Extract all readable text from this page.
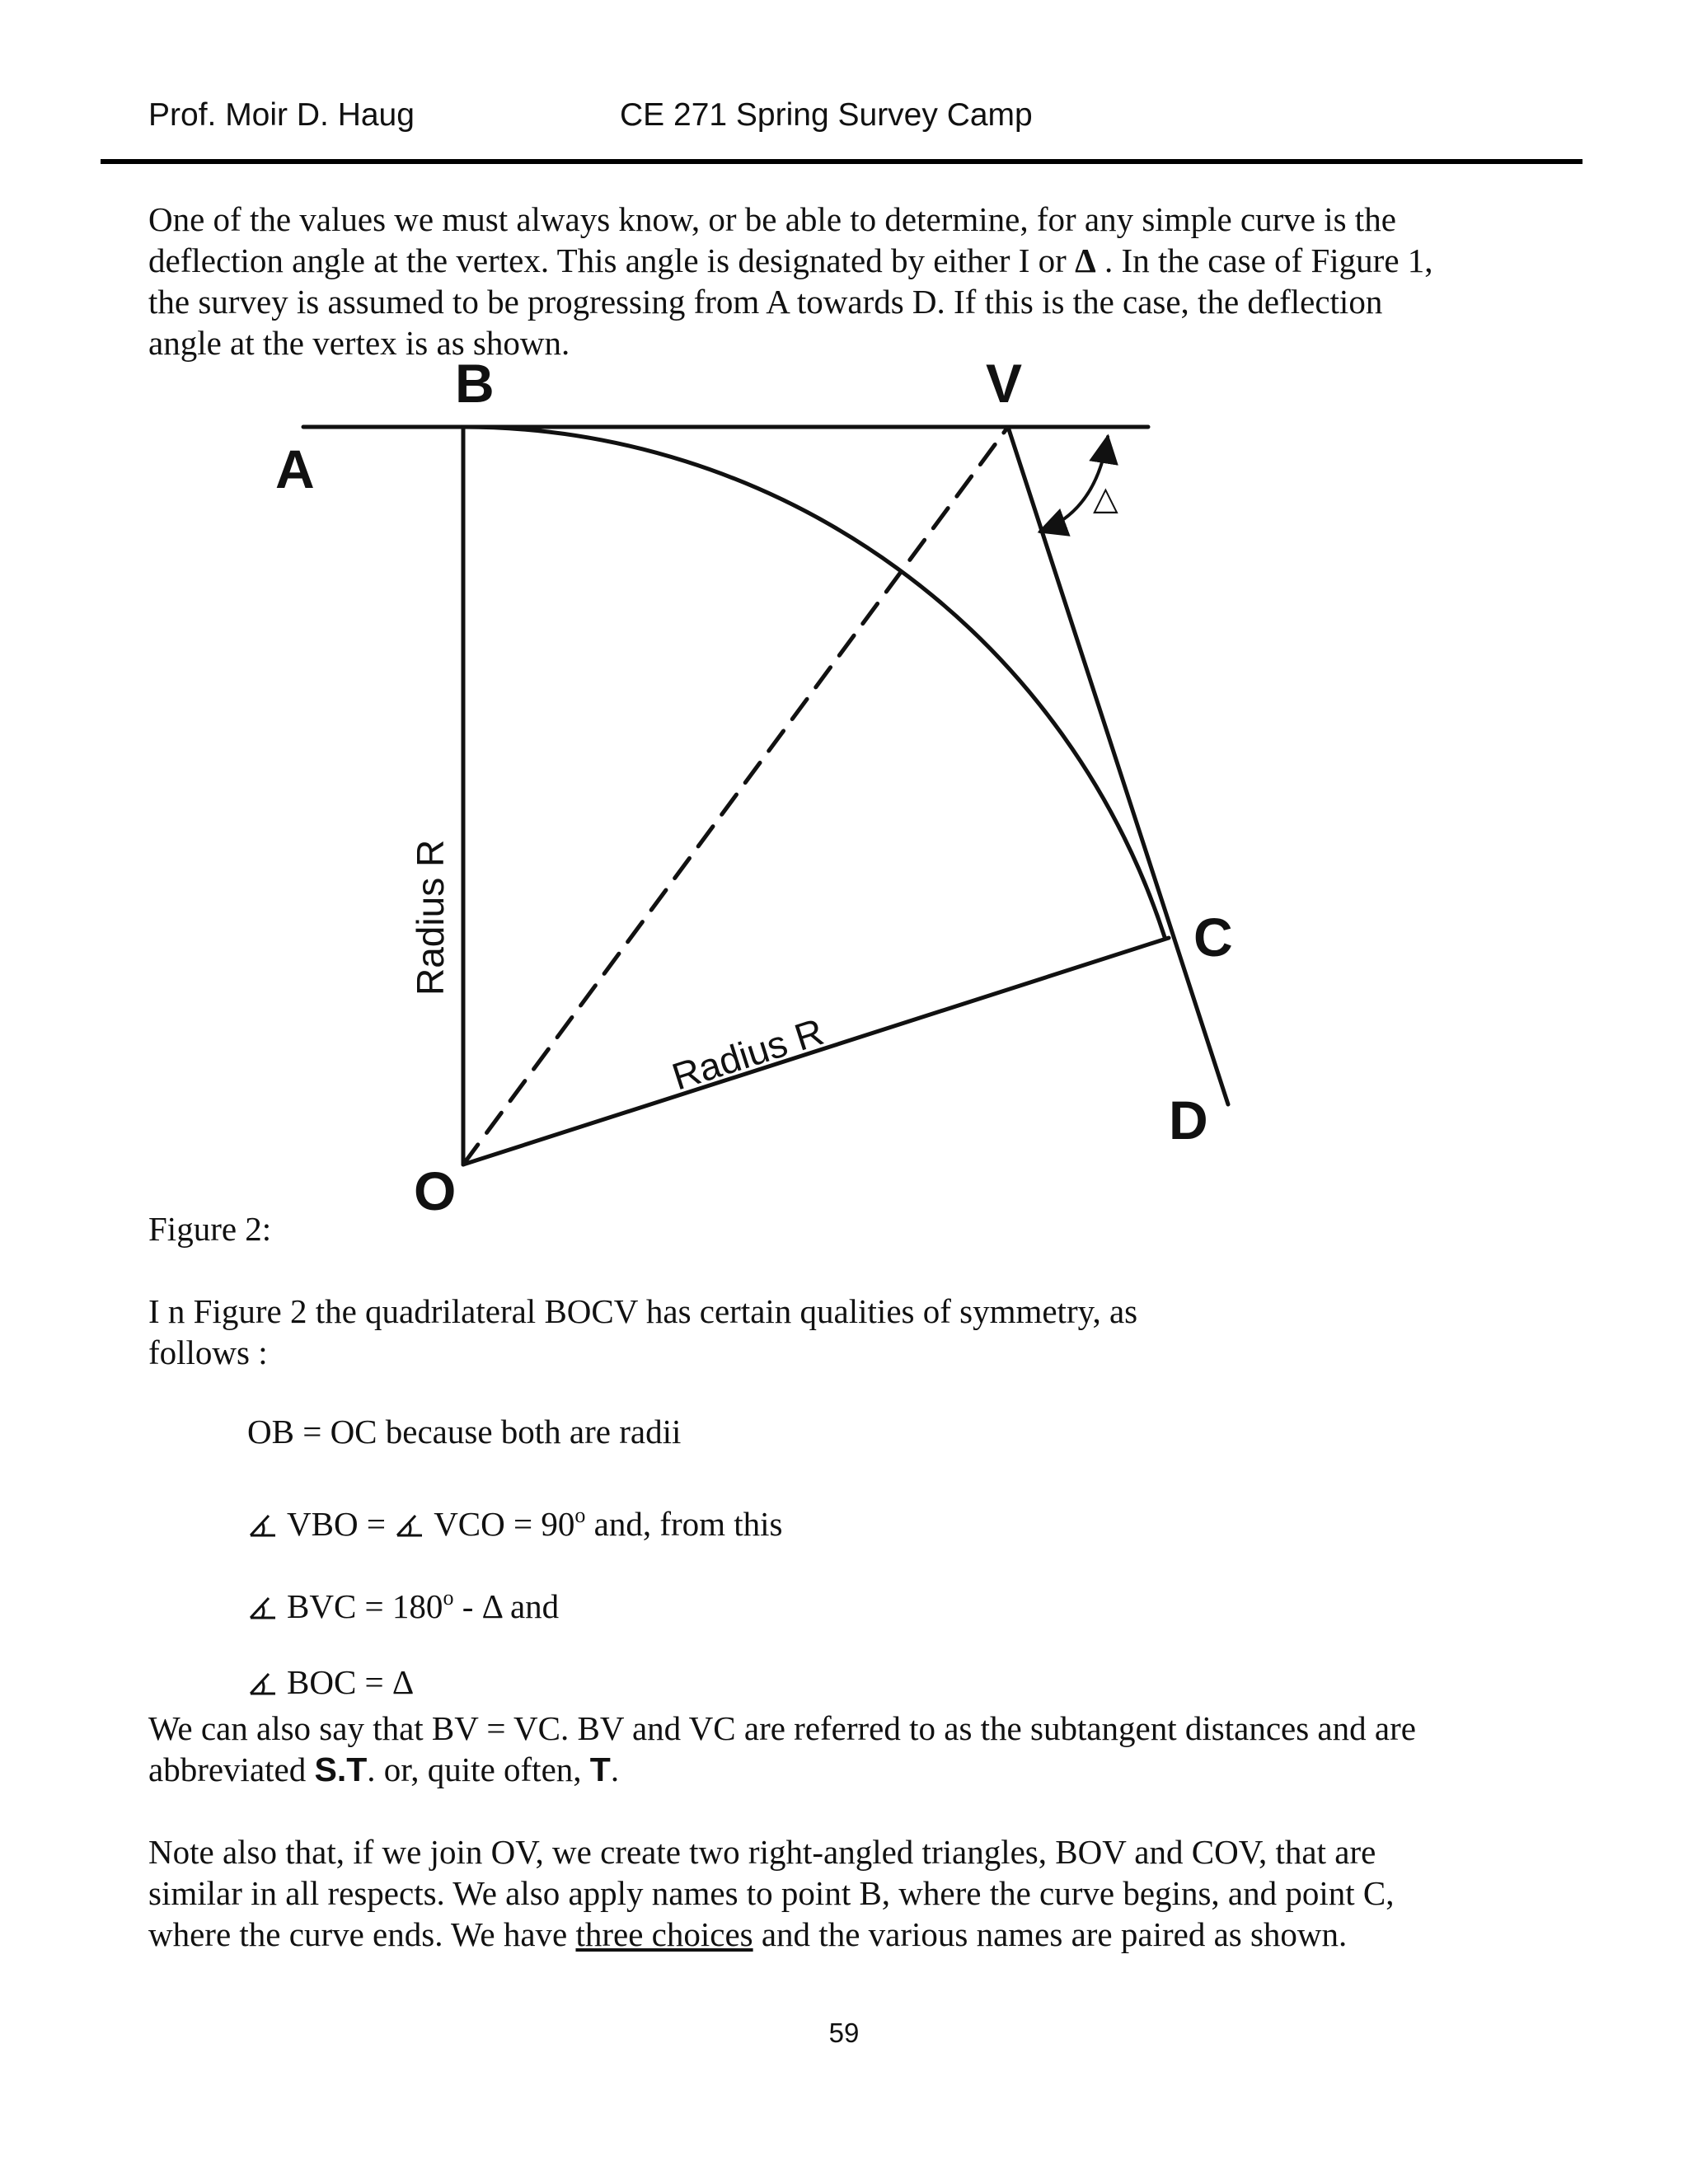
Prof. Moir D. Haug	CE 271 Spring Survey Camp
One of the values we must always know, or be able to determine, for any simple curve is the
deflection angle at the vertex. This angle is designated by either I or Δ . In the case of Figure 1,
the survey is assumed to be progressing from A towards D. If this is the case, the deflection
angle at the vertex is as shown.
A
B	V
C
D
O
△
Radius R
Radius R
Figure 2:
I n Figure 2 the quadrilateral BOCV has certain qualities of symmetry, as
follows :
OB = OC because both are radii
VBO =
VCO = $90^o$ and, from this
BVC = $180^o$ - Δ and
BOC = Δ
We can also say that BV = VC. BV and VC are referred to as the subtangent distances and are
abbreviated S.T. or, quite often, T.
Note also that, if we join OV, we create two right-angled triangles, BOV and COV, that are
similar in all respects. We also apply names to point B, where the curve begins, and point C,
where the curve ends. We have three choices and the various names are paired as shown.
59
